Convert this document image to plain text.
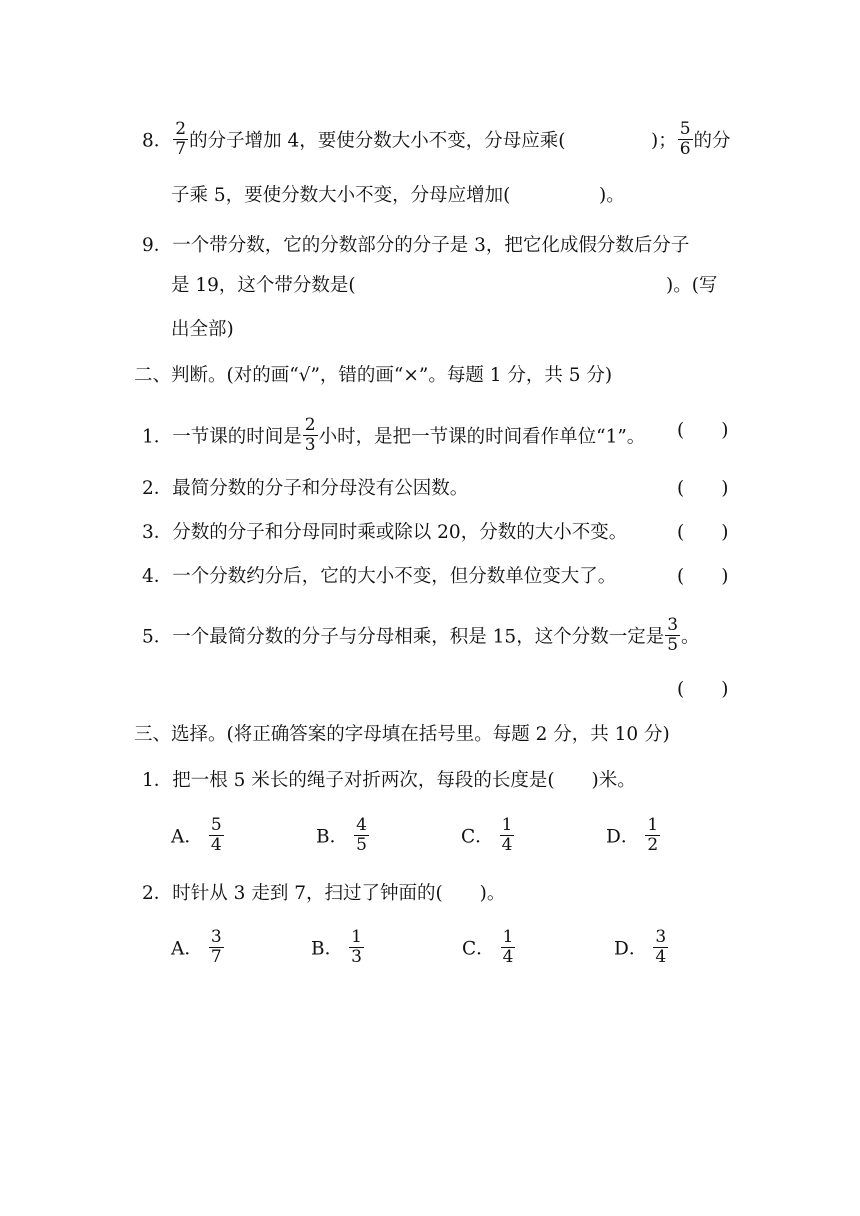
8． $\frac{2}{7}$ 的分子增加 4，要使分数大小不变，分母应乘(	)； $\frac{5}{6}$ 的分
子乘 5，要使分数大小不变，分母应增加(	)。
9．一个带分数，它的分数部分的分子是 3，把它化成假分数后分子
是 19，这个带分数是(	)。(写
出全部)
二、判断。(对的画“√”，错的画“×”。每题 1 分，共 5 分)
1．一节课的时间是 $\frac{2}{3}$ 小时，是把一节课的时间看作单位“1”。 (　　)
2．最简分数的分子和分母没有公因数。	(　　)
3．分数的分子和分母同时乘或除以 20，分数的大小不变。	(　　)
4．一个分数约分后，它的大小不变，但分数单位变大了。	(　　)
5．一个最简分数的分子与分母相乘，积是 15，这个分数一定是 $\frac{3}{5}$ 。
(　　)
三、选择。(将正确答案的字母填在括号里。每题 2 分，共 10 分)
1．把一根 5 米长的绳子对折两次，每段的长度是(　　)米。
A． $\frac{5}{4}$	B． $\frac{4}{5}$	C． $\frac{1}{4}$	D． $\frac{1}{2}$
2．时针从 3 走到 7，扫过了钟面的(　　)。
A． $\frac{3}{7}$	B． $\frac{1}{3}$	C． $\frac{1}{4}$	D． $\frac{3}{4}$
